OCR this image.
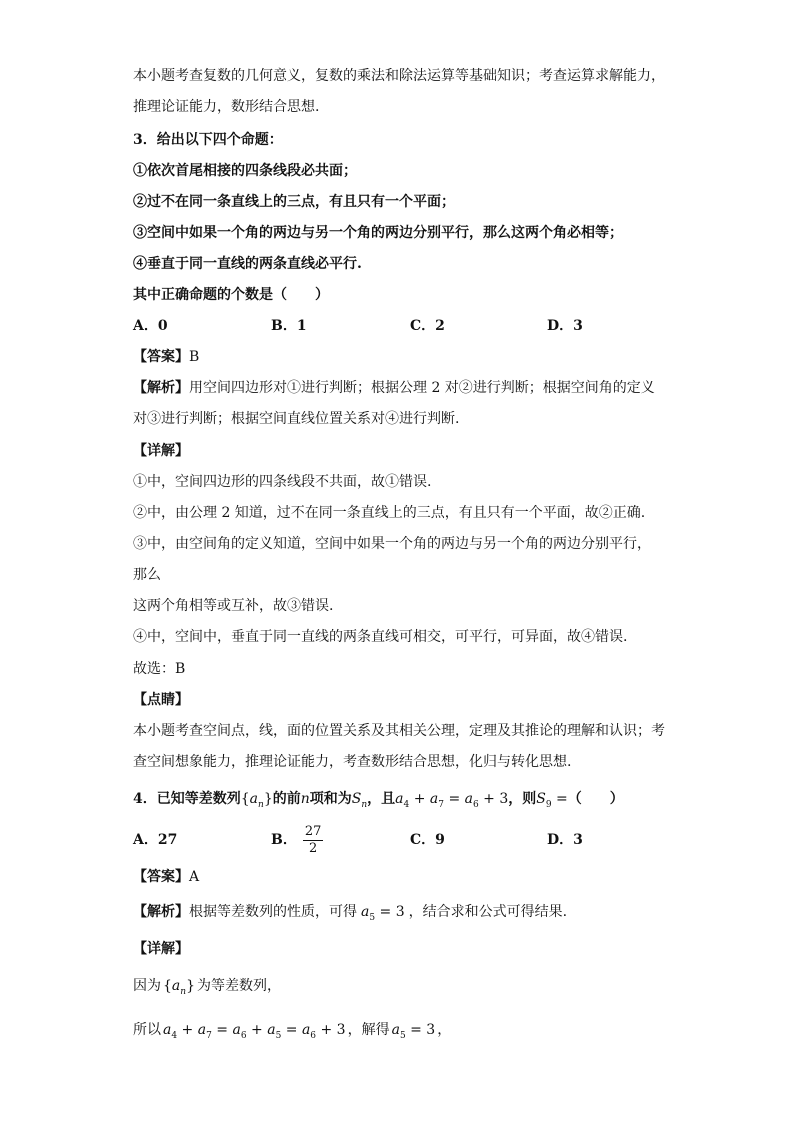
本小题考查复数的几何意义，复数的乘法和除法运算等基础知识；考查运算求解能力，
推理论证能力，数形结合思想.
3．给出以下四个命题：
①依次首尾相接的四条线段必共面；
②过不在同一条直线上的三点，有且只有一个平面；
③空间中如果一个角的两边与另一个角的两边分别平行，那么这两个角必相等；
④垂直于同一直线的两条直线必平行.
其中正确命题的个数是（　　）
A．0	B．1	C．2	D．3
【答案】B
【解析】用空间四边形对①进行判断；根据公理 2 对②进行判断；根据空间角的定义
对③进行判断；根据空间直线位置关系对④进行判断.
【详解】
①中，空间四边形的四条线段不共面，故①错误.
②中，由公理 2 知道，过不在同一条直线上的三点，有且只有一个平面，故②正确.
③中，由空间角的定义知道，空间中如果一个角的两边与另一个角的两边分别平行，
那么
这两个角相等或互补，故③错误.
④中，空间中，垂直于同一直线的两条直线可相交，可平行，可异面，故④错误.
故选：B
【点睛】
本小题考查空间点，线，面的位置关系及其相关公理，定理及其推论的理解和认识；考
查空间想象能力，推理论证能力，考查数形结合思想，化归与转化思想.
4．已知等差数列$\{a_n\}$的前n项和为$S_n$，且$a_4 + a_7 = a_6 + 3$，则$S_9$ =（　　）
A．27	B． $\frac{27}{2}$	C．9	D．3
【答案】A
【解析】根据等差数列的性质，可得 $a_5 = 3$ ，结合求和公式可得结果.
【详解】
因为 $\{a_n\}$ 为等差数列，
所以 $a_4 + a_7 = a_6 + a_5 = a_6 + 3$ ，解得 $a_5 = 3$ ，
